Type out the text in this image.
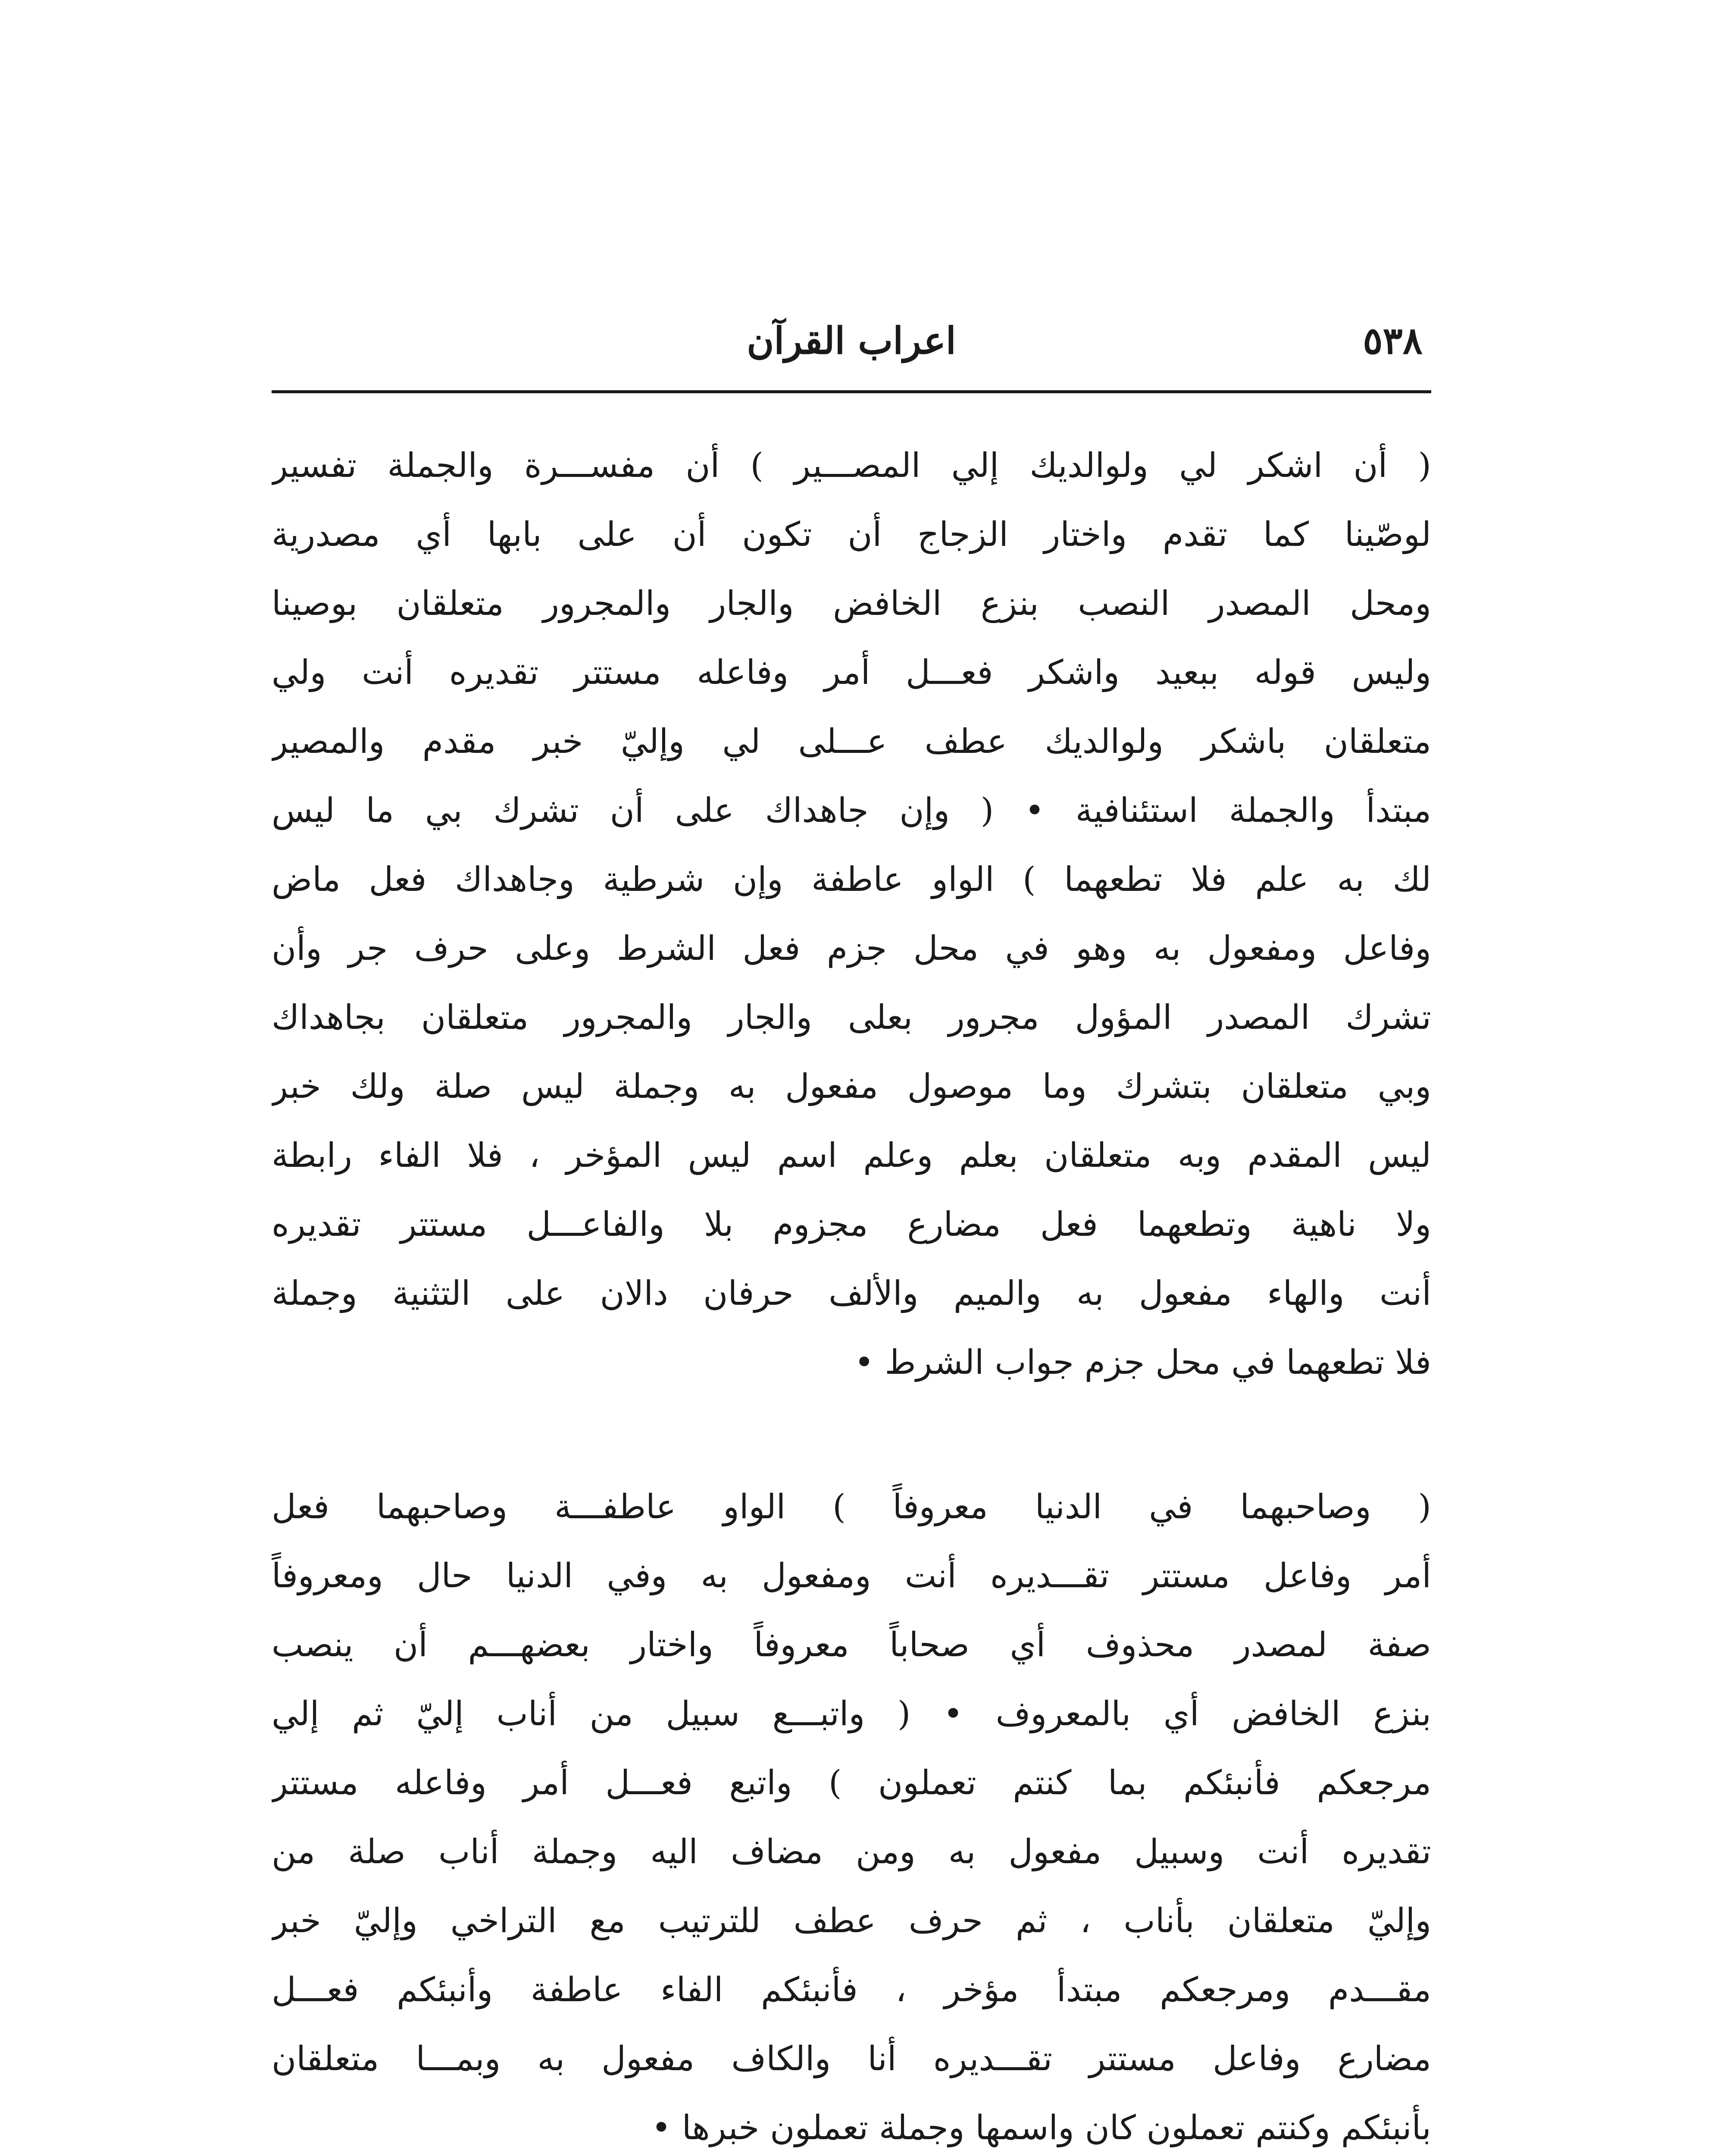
٥٣٨
اعراب القرآن
( أن اشكر لي ولوالديك إلي المصـــير ) أن مفســـرة والجملة تفسير
لوصّينا كما تقدم واختار الزجاج أن تكون أن على بابها أي مصدرية
ومحل المصدر النصب بنزع الخافض والجار والمجرور متعلقان بوصينا
وليس قوله ببعيد واشكر فعـــل أمر وفاعله مستتر تقديره أنت ولي
متعلقان باشكر ولوالديك عطف عـــلى لي وإليّ خبر مقدم والمصير
مبتدأ والجملة استئنافية • ( وإن جاهداك على أن تشرك بي ما ليس
لك به علم فلا تطعهما ) الواو عاطفة وإن شرطية وجاهداك فعل ماض
وفاعل ومفعول به وهو في محل جزم فعل الشرط وعلى حرف جر وأن
تشرك المصدر المؤول مجرور بعلى والجار والمجرور متعلقان بجاهداك
وبي متعلقان بتشرك وما موصول مفعول به وجملة ليس صلة ولك خبر
ليس المقدم وبه متعلقان بعلم وعلم اسم ليس المؤخر ، فلا الفاء رابطة
ولا ناهية وتطعهما فعل مضارع مجزوم بلا والفاعـــل مستتر تقديره
أنت والهاء مفعول به والميم والألف حرفان دالان على التثنية وجملة
فلا تطعهما في محل جزم جواب الشرط •
( وصاحبهما في الدنيا معروفاً ) الواو عاطفـــة وصاحبهما فعل
أمر وفاعل مستتر تقـــديره أنت ومفعول به وفي الدنيا حال ومعروفاً
صفة لمصدر محذوف أي صحاباً معروفاً واختار بعضهـــم أن ينصب
بنزع الخافض أي بالمعروف • ( واتبـــع سبيل من أناب إليّ ثم إلي
مرجعكم فأنبئكم بما كنتم تعملون ) واتبع فعـــل أمر وفاعله مستتر
تقديره أنت وسبيل مفعول به ومن مضاف اليه وجملة أناب صلة من
وإليّ متعلقان بأناب ، ثم حرف عطف للترتيب مع التراخي وإليّ خبر
مقـــدم ومرجعكم مبتدأ مؤخر ، فأنبئكم الفاء عاطفة وأنبئكم فعـــل
مضارع وفاعل مستتر تقـــديره أنا والكاف مفعول به وبمـــا متعلقان
بأنبئكم وكنتم تعملون كان واسمها وجملة تعملون خبرها •
